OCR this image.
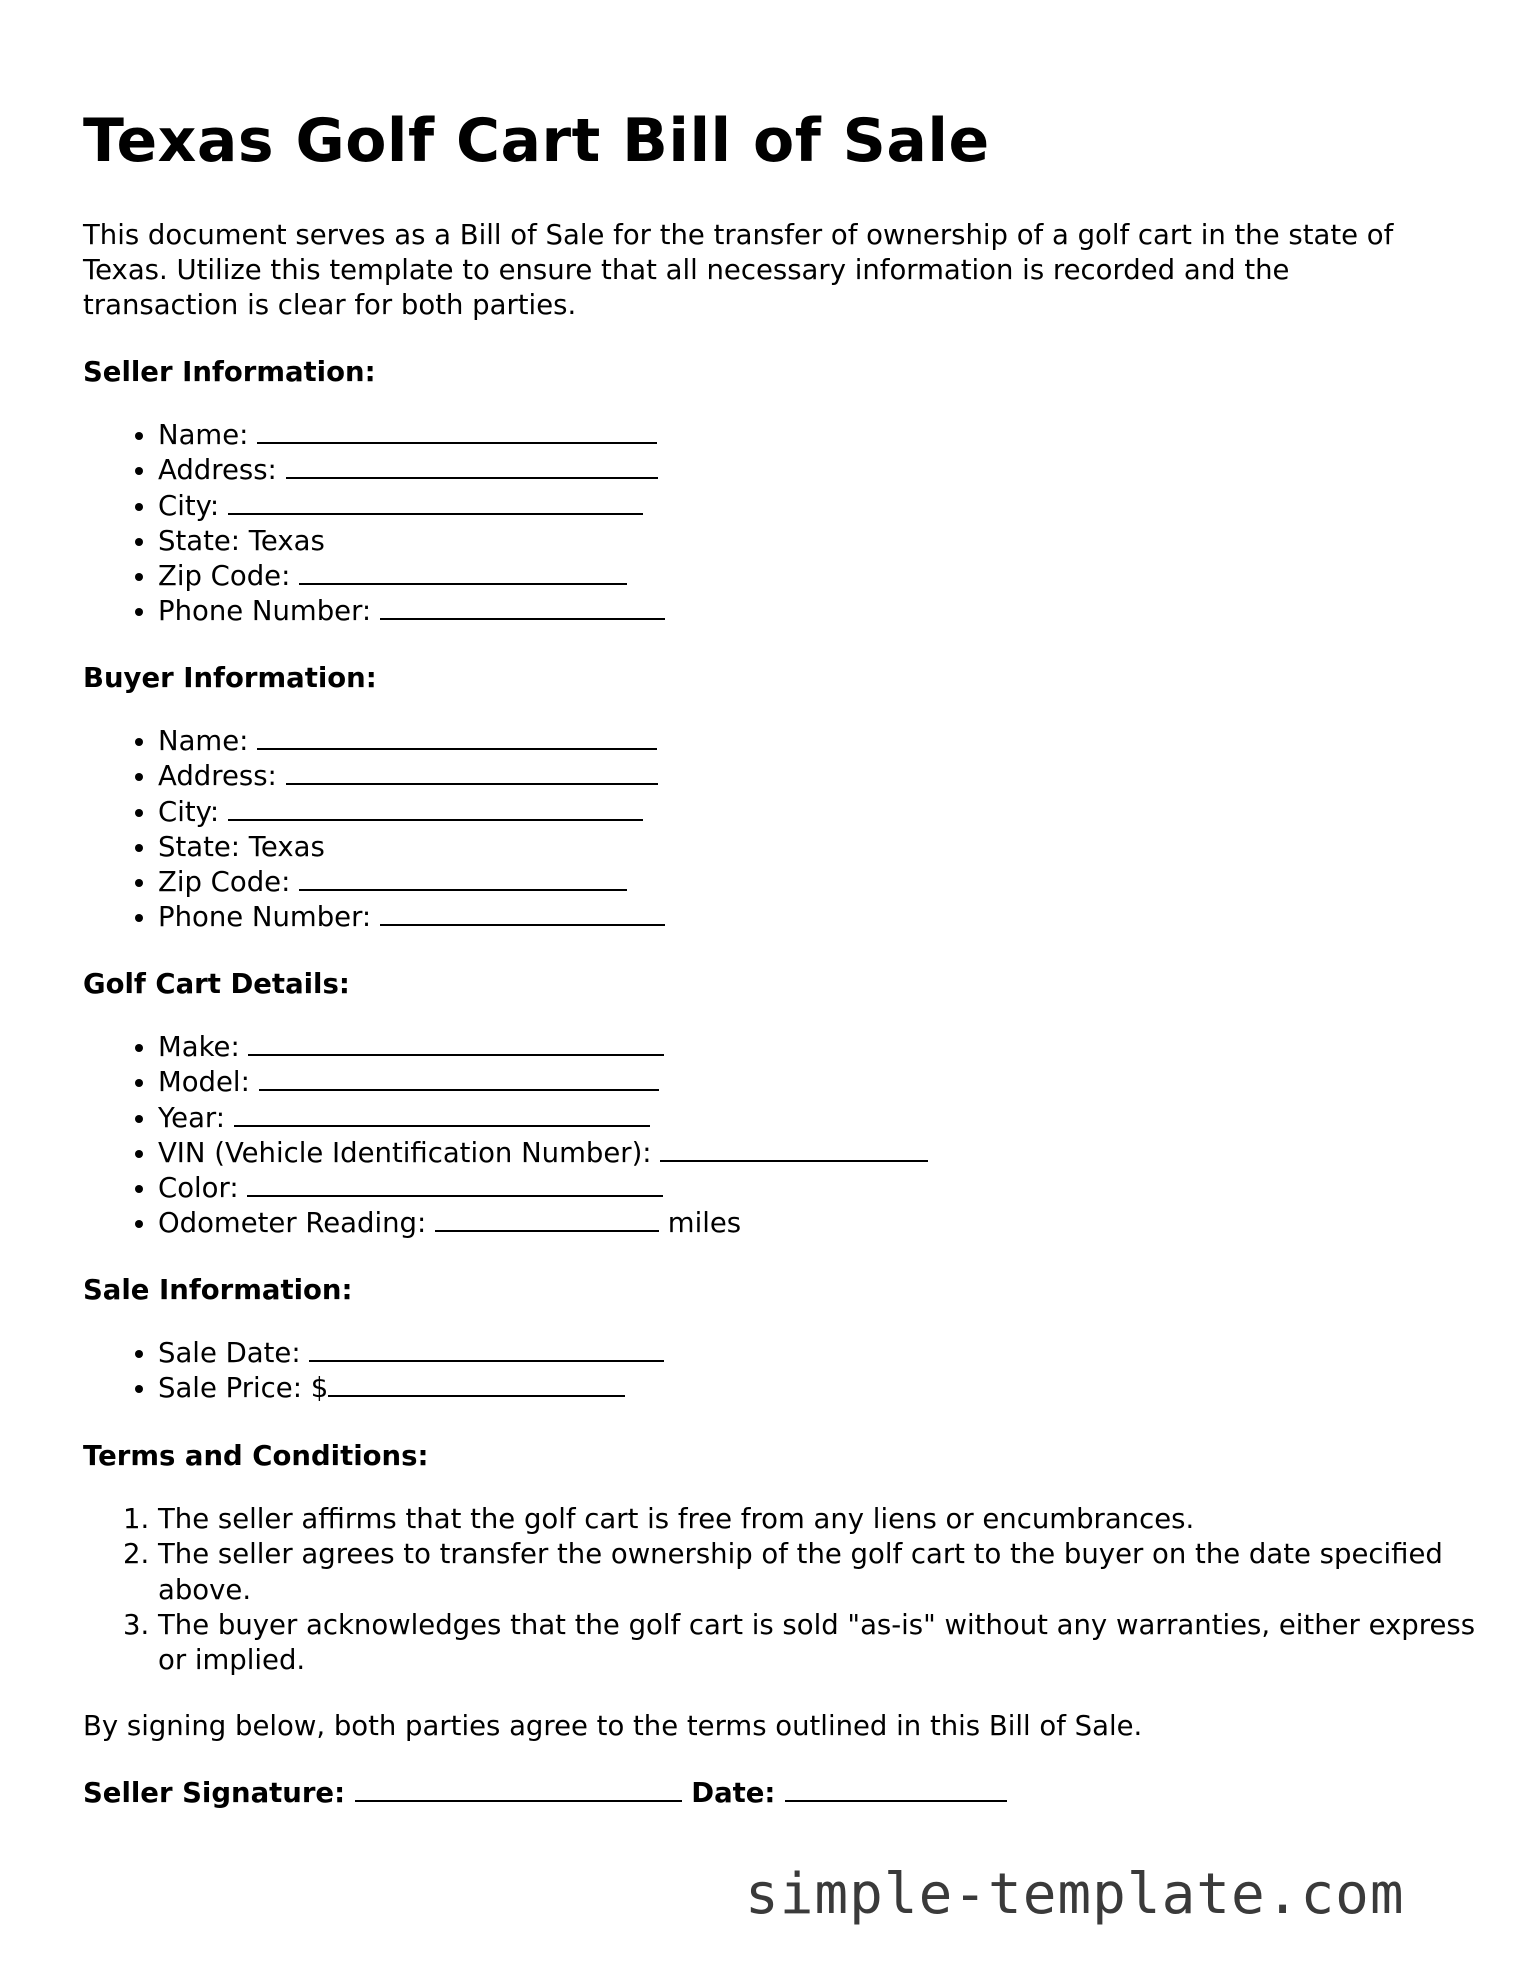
Texas Golf Cart Bill of Sale

This document serves as a Bill of Sale for the transfer of ownership of a golf cart in the state of Texas. Utilize this template to ensure that all necessary information is recorded and the transaction is clear for both parties.

Seller Information:

• Name:
• Address:
• City:
• State: Texas
• Zip Code:
• Phone Number:

Buyer Information:

• Name:
• Address:
• City:
• State: Texas
• Zip Code:
• Phone Number:

Golf Cart Details:

• Make:
• Model:
• Year:
• VIN (Vehicle Identification Number):
• Color:
• Odometer Reading:	miles

Sale Information:

• Sale Date:
• Sale Price: $

Terms and Conditions:

1. The seller affirms that the golf cart is free from any liens or encumbrances.
2. The seller agrees to transfer the ownership of the golf cart to the buyer on the date specified above.
3. The buyer acknowledges that the golf cart is sold "as-is" without any warranties, either express or implied.

By signing below, both parties agree to the terms outlined in this Bill of Sale.

Seller Signature:	Date:

simple-template.com
